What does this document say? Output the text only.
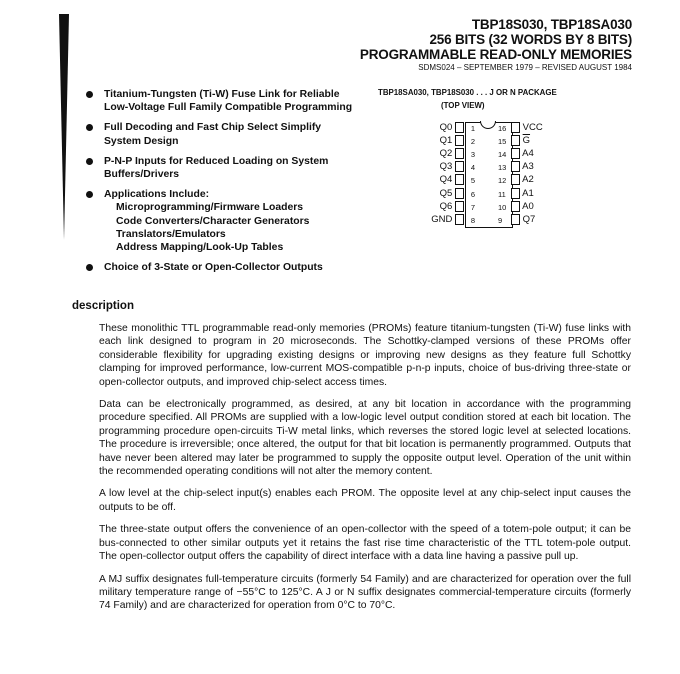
TBP18S030, TBP18SA030
256 BITS (32 WORDS BY 8 BITS)
PROGRAMMABLE READ-ONLY MEMORIES
SDMS024 – SEPTEMBER 1979 – REVISED AUGUST 1984
Titanium-Tungsten (Ti-W) Fuse Link for Reliable Low-Voltage Full Family Compatible Programming
Full Decoding and Fast Chip Select Simplify System Design
P-N-P Inputs for Reduced Loading on System Buffers/Drivers
Applications Include:
Microprogramming/Firmware Loaders
Code Converters/Character Generators
Translators/Emulators
Address Mapping/Look-Up Tables
Choice of 3-State or Open-Collector Outputs
TBP18SA030, TBP18S030 . . . J OR N PACKAGE
(TOP VIEW)
Q0 1
Q1 2
Q2 3
Q3 4
Q4 5
Q5 6
Q6 7
GND 8
16 VCC
15 $\overline{G}$
14 A4
13 A3
12 A2
11 A1
10 A0
9 Q7
description

These monolithic TTL programmable read-only memories (PROMs) feature titanium-tungsten (Ti-W) fuse links with each link designed to program in 20 microseconds. The Schottky-clamped versions of these PROMs offer considerable flexibility for upgrading existing designs or improving new designs as they feature full Schottky clamping for improved performance, low-current MOS-compatible p-n-p inputs, choice of bus-driving three-state or open-collector outputs, and improved chip-select access times.

Data can be electronically programmed, as desired, at any bit location in accordance with the programming procedure specified. All PROMs are supplied with a low-logic level output condition stored at each bit location. The programming procedure open-circuits Ti-W metal links, which reverses the stored logic level at selected locations. The procedure is irreversible; once altered, the output for that bit location is permanently programmed. Outputs that have never been altered may later be programmed to supply the opposite output level. Operation of the unit within the recommended operating conditions will not alter the memory content.

A low level at the chip-select input(s) enables each PROM. The opposite level at any chip-select input causes the outputs to be off.

The three-state output offers the convenience of an open-collector with the speed of a totem-pole output; it can be bus-connected to other similar outputs yet it retains the fast rise time characteristic of the TTL totem-pole output. The open-collector output offers the capability of direct interface with a data line having a passive pull up.

A MJ suffix designates full-temperature circuits (formerly 54 Family) and are characterized for operation over the full military temperature range of −55°C to 125°C. A J or N suffix designates commercial-temperature circuits (formerly 74 Family) and are characterized for operation from 0°C to 70°C.
